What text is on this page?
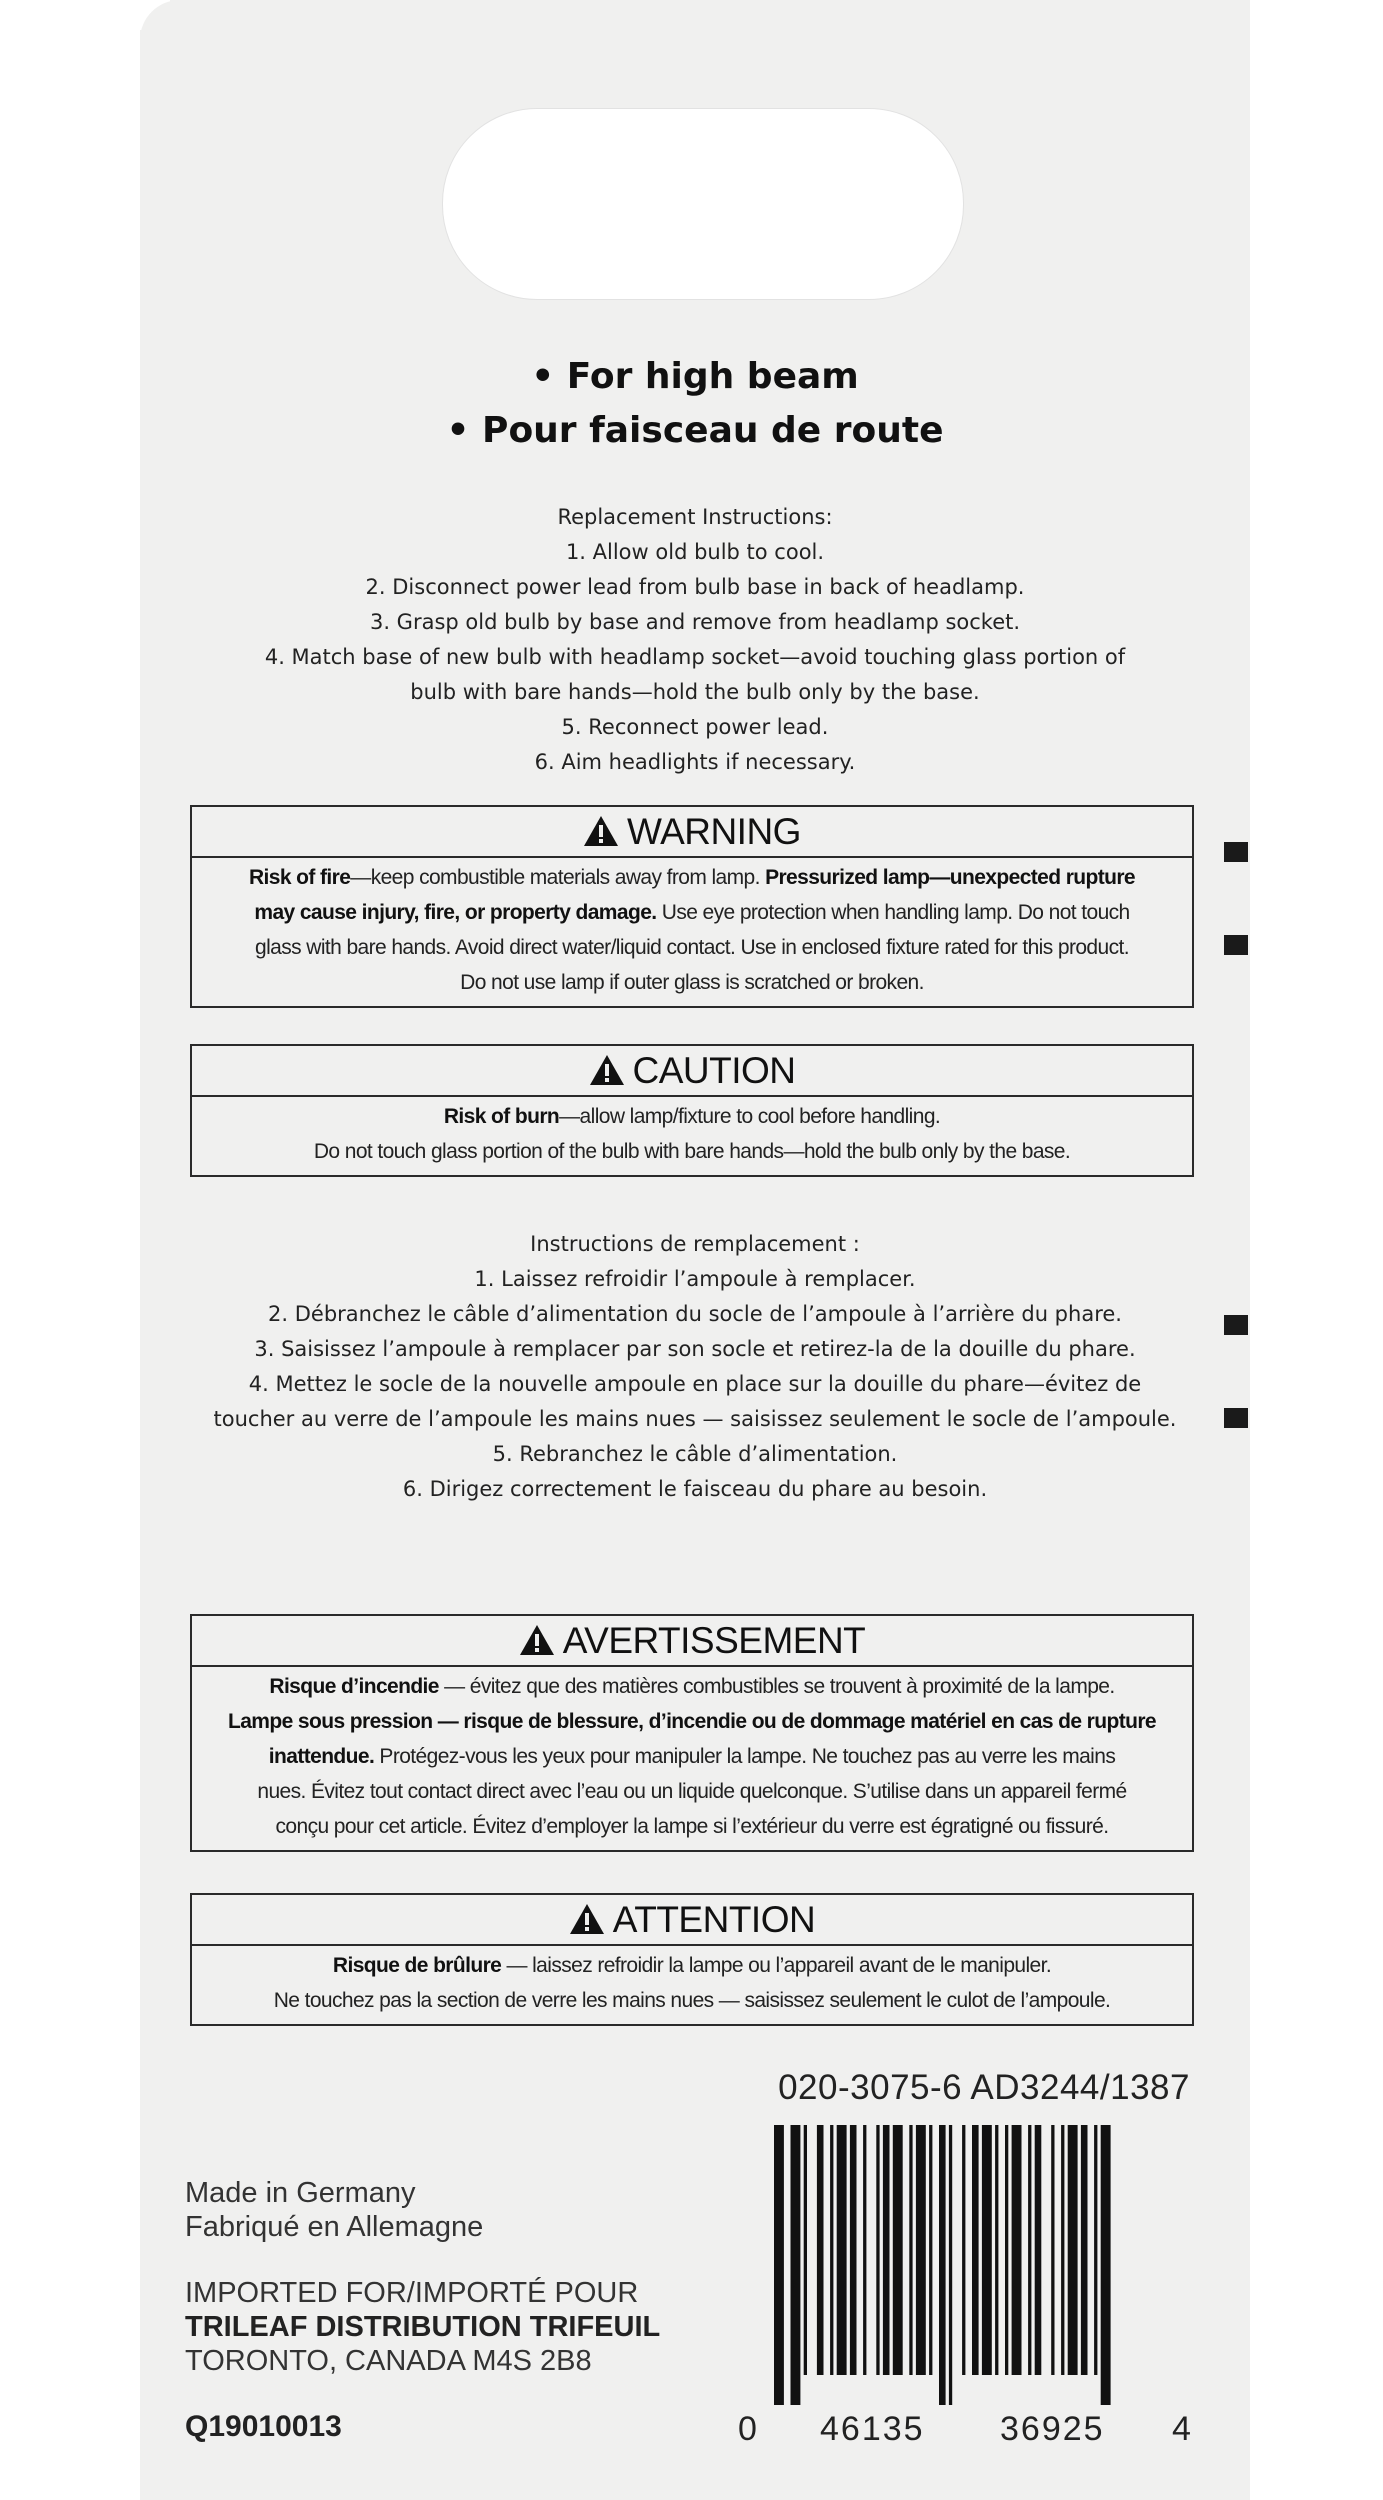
• For high beam
• Pour faisceau de route
Replacement Instructions:
1. Allow old bulb to cool.
2. Disconnect power lead from bulb base in back of headlamp.
3. Grasp old bulb by base and remove from headlamp socket.
4. Match base of new bulb with headlamp socket—avoid touching glass portion of
bulb with bare hands—hold the bulb only by the base.
5. Reconnect power lead.
6. Aim headlights if necessary.
WARNING
Risk of fire—keep combustible materials away from lamp. Pressurized lamp—unexpected rupture
may cause injury, fire, or property damage. Use eye protection when handling lamp. Do not touch
glass with bare hands. Avoid direct water/liquid contact. Use in enclosed fixture rated for this product.
Do not use lamp if outer glass is scratched or broken.
CAUTION
Risk of burn—allow lamp/fixture to cool before handling.
Do not touch glass portion of the bulb with bare hands—hold the bulb only by the base.
Instructions de remplacement :
1. Laissez refroidir l’ampoule à remplacer.
2. Débranchez le câble d’alimentation du socle de l’ampoule à l’arrière du phare.
3. Saisissez l’ampoule à remplacer par son socle et retirez-la de la douille du phare.
4. Mettez le socle de la nouvelle ampoule en place sur la douille du phare—évitez de
toucher au verre de l’ampoule les mains nues — saisissez seulement le socle de l’ampoule.
5. Rebranchez le câble d’alimentation.
6. Dirigez correctement le faisceau du phare au besoin.
AVERTISSEMENT
Risque d’incendie — évitez que des matières combustibles se trouvent à proximité de la lampe.
Lampe sous pression — risque de blessure, d’incendie ou de dommage matériel en cas de rupture
inattendue. Protégez-vous les yeux pour manipuler la lampe. Ne touchez pas au verre les mains
nues. Évitez tout contact direct avec l’eau ou un liquide quelconque. S’utilise dans un appareil fermé
conçu pour cet article. Évitez d’employer la lampe si l’extérieur du verre est égratigné ou fissuré.
ATTENTION
Risque de brûlure — laissez refroidir la lampe ou l’appareil avant de le manipuler.
Ne touchez pas la section de verre les mains nues — saisissez seulement le culot de l’ampoule.
020-3075-6 AD3244/1387
0 46135 36925 4
Made in Germany
Fabriqué en Allemagne
IMPORTED FOR/IMPORTÉ POUR
TRILEAF DISTRIBUTION TRIFEUIL
TORONTO, CANADA M4S 2B8
Q19010013
